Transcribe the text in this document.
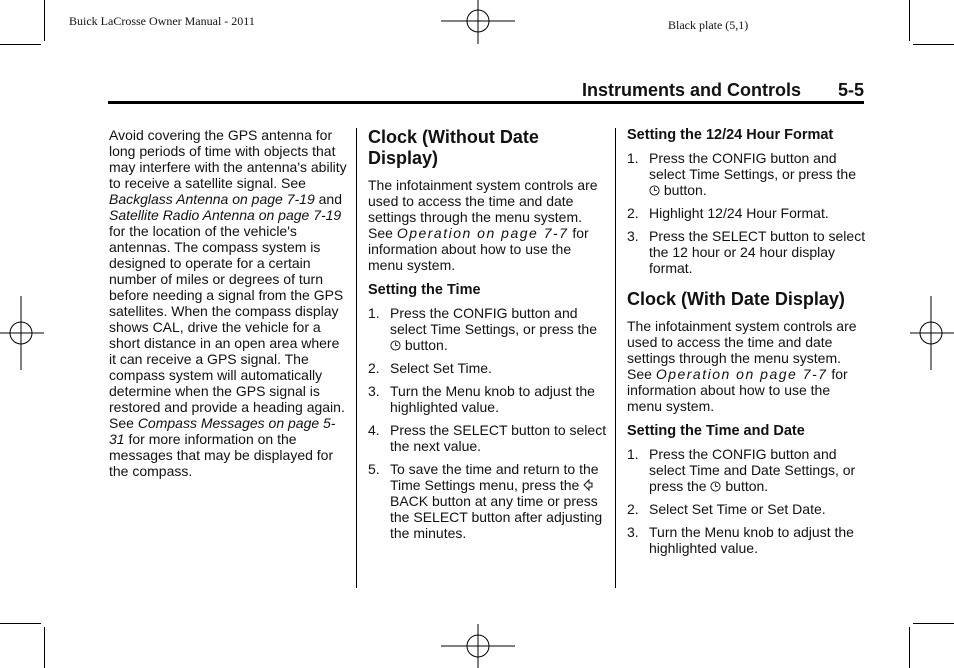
Buick LaCrosse Owner Manual - 2011	Black plate (5,1)
Instruments and Controls 5-5

Avoid covering the GPS antenna for long periods of time with objects that may interfere with the antenna's ability to receive a satellite signal. See Backglass Antenna on page 7-19 and Satellite Radio Antenna on page 7-19 for the location of the vehicle's antennas. The compass system is designed to operate for a certain number of miles or degrees of turn before needing a signal from the GPS satellites. When the compass display shows CAL, drive the vehicle for a short distance in an open area where it can receive a GPS signal. The compass system will automatically determine when the GPS signal is restored and provide a heading again. See Compass Messages on page 5-31 for more information on the messages that may be displayed for the compass.

Clock (Without Date Display)

The infotainment system controls are used to access the time and date settings through the menu system. See Operation on page 7-7 for information about how to use the menu system.

Setting the Time
1. Press the CONFIG button and select Time Settings, or press the  button.
2. Select Set Time.
3. Turn the Menu knob to adjust the highlighted value.
4. Press the SELECT button to select the next value.
5. To save the time and return to the Time Settings menu, press the BACK button at any time or press the SELECT button after adjusting the minutes.
Setting the 12/24 Hour Format
1. Press the CONFIG button and select Time Settings, or press the  button.
2. Highlight 12/24 Hour Format.
3. Press the SELECT button to select the 12 hour or 24 hour display format.
Clock (With Date Display)

The infotainment system controls are used to access the time and date settings through the menu system. See Operation on page 7-7 for information about how to use the menu system.

Setting the Time and Date
1. Press the CONFIG button and select Time and Date Settings, or press the  button.
2. Select Set Time or Set Date.
3. Turn the Menu knob to adjust the highlighted value.
